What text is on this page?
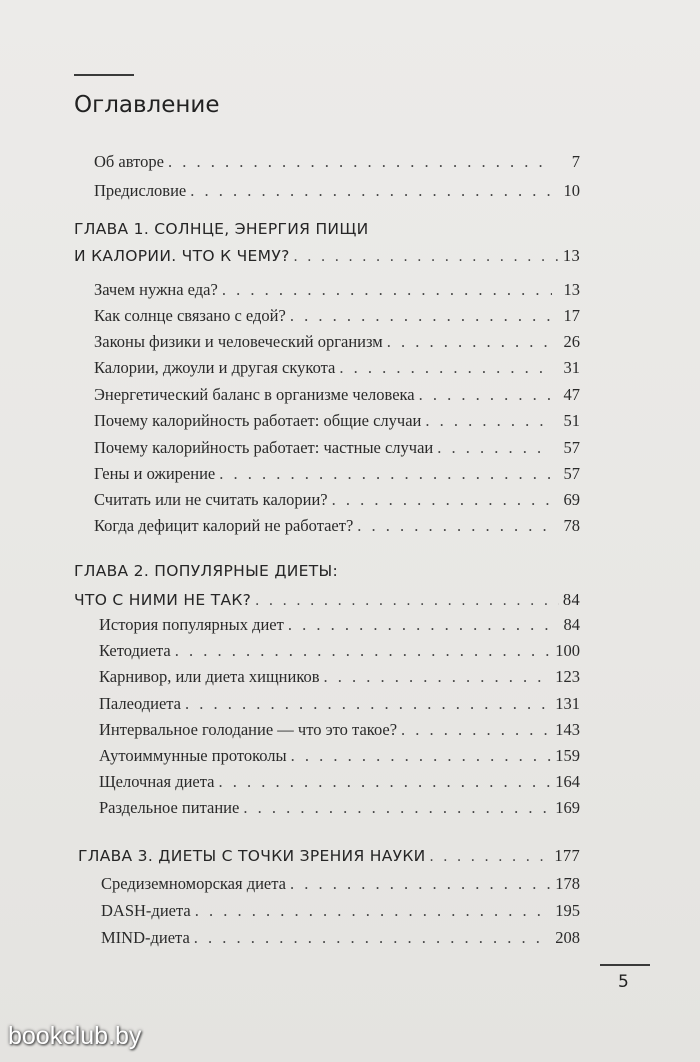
Оглавление
Об авторе . . .	7
Предисловие . . .	10
ГЛАВА 1. СОЛНЦЕ, ЭНЕРГИЯ ПИЩИ
И КАЛОРИИ. ЧТО К ЧЕМУ? . . .	13
Зачем нужна еда? . . .	13
Как солнце связано с едой? . . .	17
Законы физики и человеческий организм . . .	26
Калории, джоули и другая скукота . . .	31
Энергетический баланс в организме человека . . .	47
Почему калорийность работает: общие случаи . . .	51
Почему калорийность работает: частные случаи . . .	57
Гены и ожирение . . .	57
Считать или не считать калории? . . .	69
Когда дефицит калорий не работает? . . .	78
ГЛАВА 2. ПОПУЛЯРНЫЕ ДИЕТЫ:
ЧТО С НИМИ НЕ ТАК? . . .	84
История популярных диет . . .	84
Кетодиета . . .	100
Карнивор, или диета хищников . . .	123
Палеодиета . . .	131
Интервальное голодание — что это такое? . . .	143
Аутоиммунные протоколы . . .	159
Щелочная диета . . .	164
Раздельное питание . . .	169
ГЛАВА 3. ДИЕТЫ С ТОЧКИ ЗРЕНИЯ НАУКИ . . .	177
Средиземноморская диета . . .	178
DASH-диета . . .	195
MIND-диета . . .	208
5
bookclub.by
